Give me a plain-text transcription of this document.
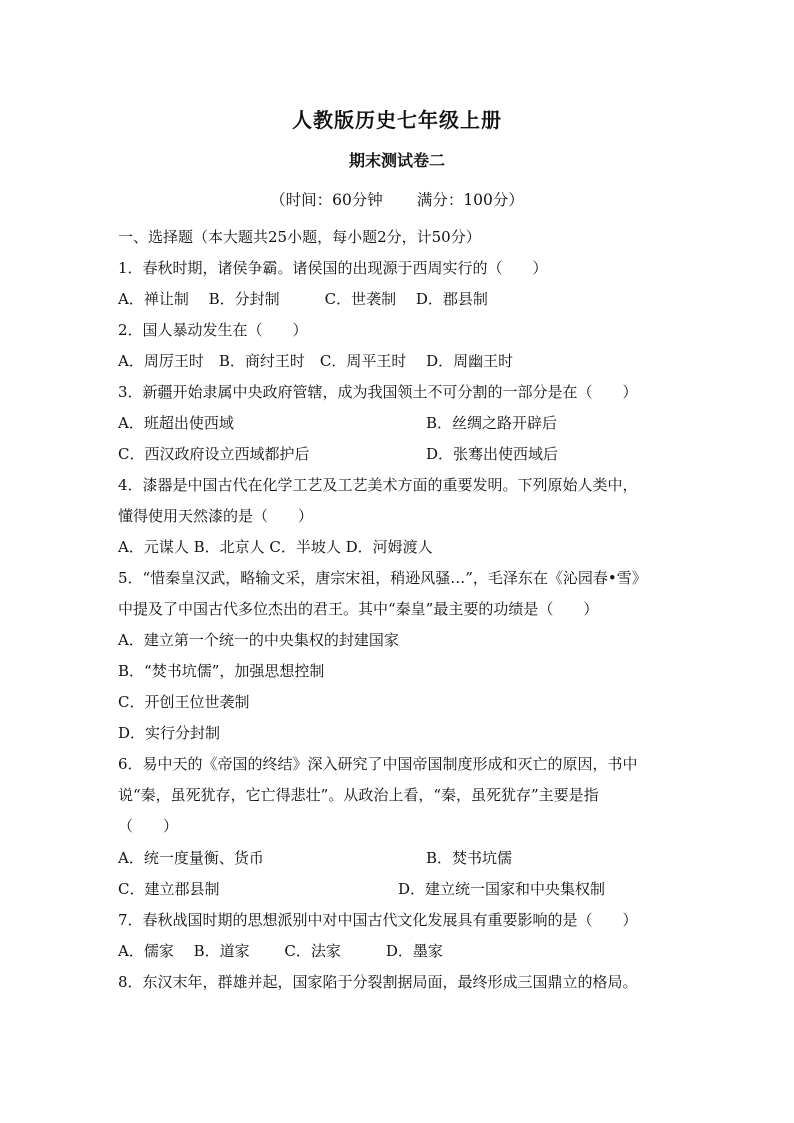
人教版历史七年级上册
期末测试卷二
（时间：60分钟 满分：100分）
一、选择题（本大题共25小题，每小题2分，计50分）
1．春秋时期，诸侯争霸。诸侯国的出现源于西周实行的（　　）
A．禅让制　 B．分封制　　　C．世袭制　 D．郡县制
2．国人暴动发生在（　　）
A．周厉王时　B．商纣王时　C．周平王时　 D．周幽王时
3．新疆开始隶属中央政府管辖，成为我国领土不可分割的一部分是在（　　）
A．班超出使西域	B．丝绸之路开辟后
C．西汉政府设立西域都护后	D．张骞出使西域后
4．漆器是中国古代在化学工艺及工艺美术方面的重要发明。下列原始人类中，
懂得使用天然漆的是（　　）
A．元谋人 B．北京人 C．半坡人 D．河姆渡人
5．“惜秦皇汉武，略输文采，唐宗宋祖，稍逊风骚…”，毛泽东在《沁园春•雪》
中提及了中国古代多位杰出的君王。其中“秦皇”最主要的功绩是（　　）
A．建立第一个统一的中央集权的封建国家
B．“焚书坑儒”，加强思想控制
C．开创王位世袭制
D．实行分封制
6．易中天的《帝国的终结》深入研究了中国帝国制度形成和灭亡的原因，书中
说“秦，虽死犹存，它亡得悲壮”。从政治上看，“秦，虽死犹存”主要是指
（　　）
A．统一度量衡、货币	B．焚书坑儒
C．建立郡县制	D．建立统一国家和中央集权制
7．春秋战国时期的思想派别中对中国古代文化发展具有重要影响的是（　　）
A．儒家　 B．道家　　 C．法家　　　D．墨家
8．东汉末年，群雄并起，国家陷于分裂割据局面，最终形成三国鼎立的格局。
